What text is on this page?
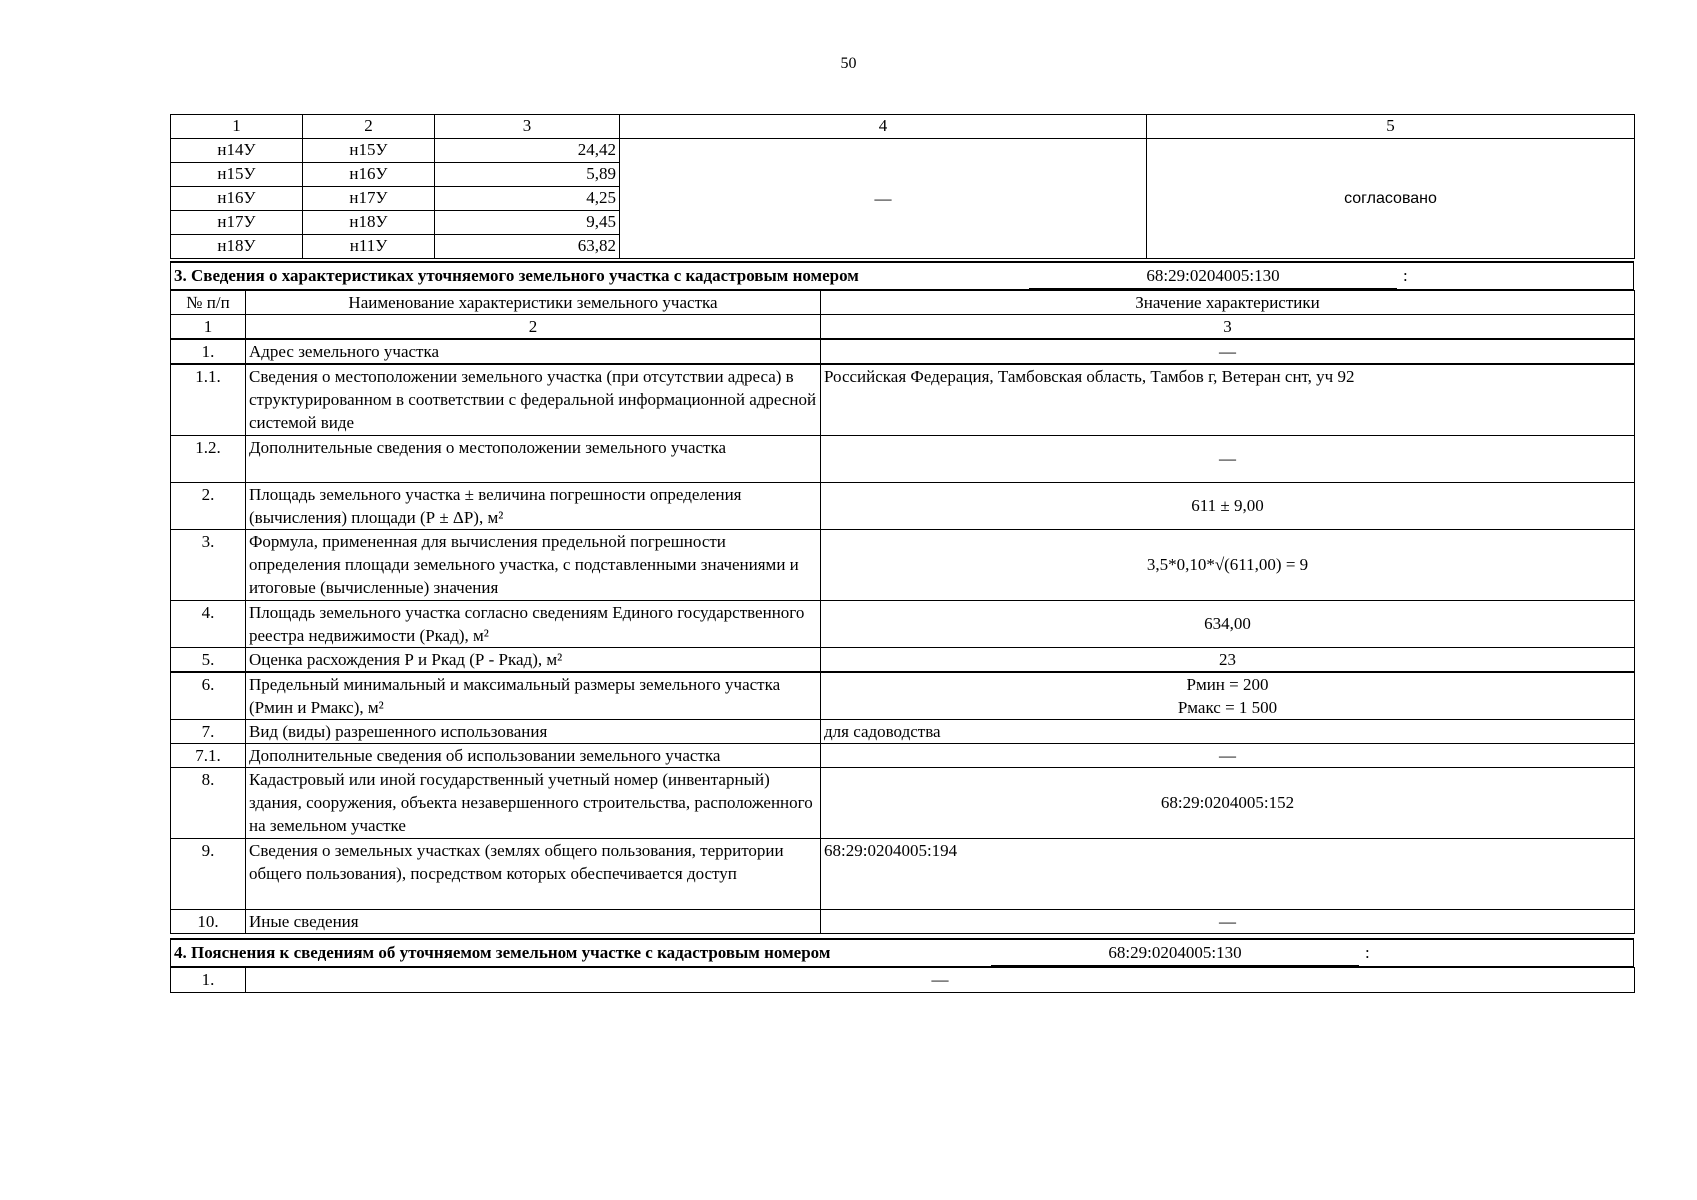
50
1	2	3	4	5
н14У	н15У	24,42	—	согласовано
н15У	н16У	5,89		
н16У	н17У	4,25		
н17У	н18У	9,45		
н18У	н11У	63,82		
3. Сведения о характеристиках уточняемого земельного участка с кадастровым номером	68:29:0204005:130	:
№ п/п	Наименование характеристики земельного участка	Значение характеристики
1	2	3
1.	Адрес земельного участка	—
1.1.	Сведения о местоположении земельного участка (при отсутствии адреса) в структурированном в соответствии с федеральной информационной адресной системой виде	Российская Федерация, Тамбовская область, Тамбов г, Ветеран снт, уч 92
1.2.	Дополнительные сведения о местоположении земельного участка	—
2.	Площадь земельного участка ± величина погрешности определения (вычисления) площади (Р ± ΔР), м²	611 ± 9,00
3.	Формула, примененная для вычисления предельной погрешности определения площади земельного участка, с подставленными значениями и итоговые (вычисленные) значения	3,5*0,10*√(611,00) = 9
4.	Площадь земельного участка согласно сведениям Единого государственного реестра недвижимости (Ркад), м²	634,00
5.	Оценка расхождения Р и Ркад (Р - Ркад), м²	23
6.	Предельный минимальный и максимальный размеры земельного участка (Рмин и Рмакс), м²	Рмин = 200
Рмакс = 1 500

7.	Вид (виды) разрешенного использования	для садоводства
7.1.	Дополнительные сведения об использовании земельного участка	—
8.	Кадастровый или иной государственный учетный номер (инвентарный) здания, сооружения, объекта незавершенного строительства, расположенного на земельном участке	68:29:0204005:152
9.	Сведения о земельных участках (землях общего пользования, территории общего пользования), посредством которых обеспечивается доступ	68:29:0204005:194
10.	Иные сведения	—
4. Пояснения к сведениям об уточняемом земельном участке с кадастровым номером	68:29:0204005:130	:
1.	—
